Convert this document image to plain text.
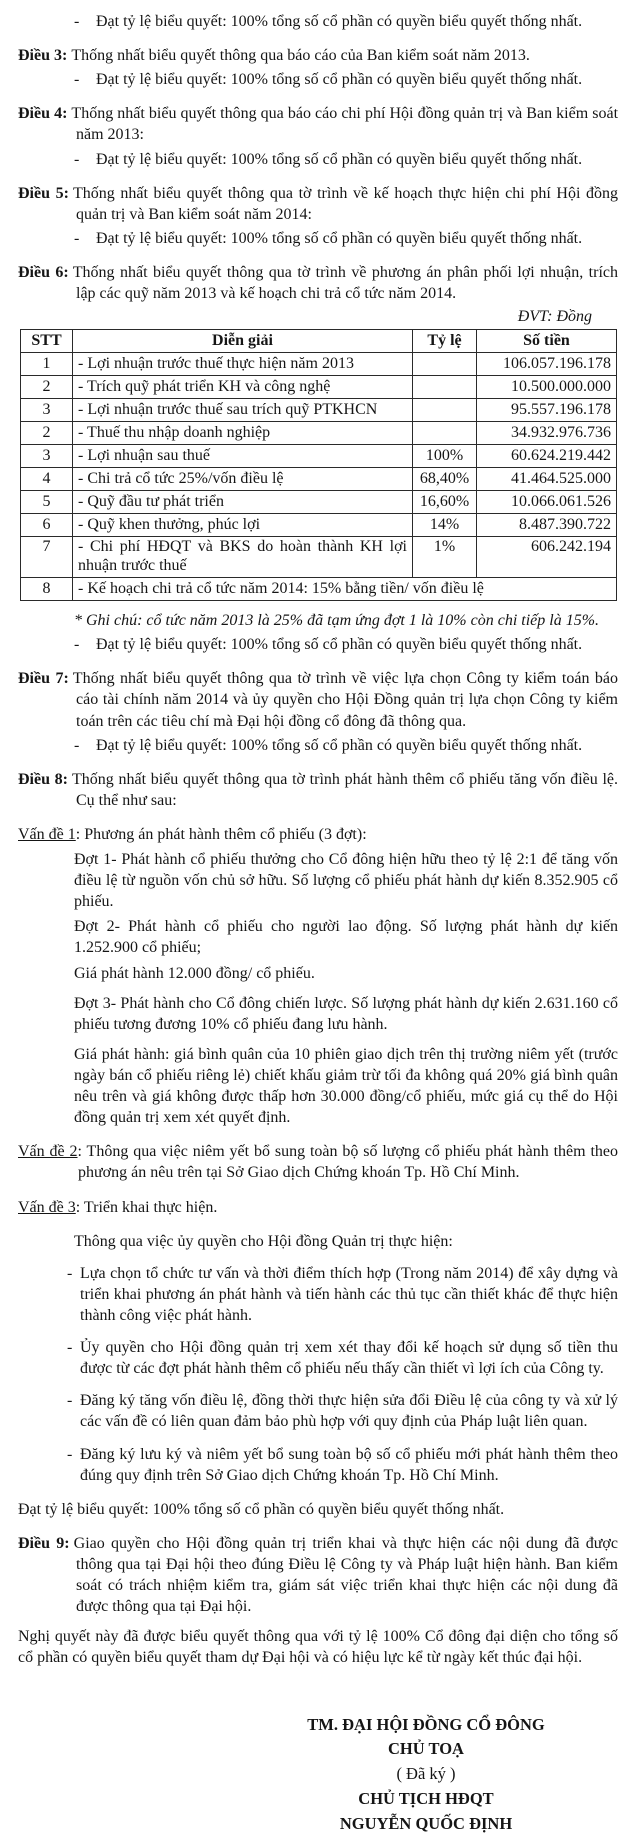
- Đạt tỷ lệ biểu quyết: 100% tổng số cổ phần có quyền biểu quyết thống nhất.

Điều 3: Thống nhất biểu quyết thông qua báo cáo của Ban kiểm soát năm 2013.

- Đạt tỷ lệ biểu quyết: 100% tổng số cổ phần có quyền biểu quyết thống nhất.

Điều 4: Thống nhất biểu quyết thông qua báo cáo chi phí Hội đồng quản trị và Ban kiểm soát năm 2013:

- Đạt tỷ lệ biểu quyết: 100% tổng số cổ phần có quyền biểu quyết thống nhất.

Điều 5: Thống nhất biểu quyết thông qua tờ trình về kế hoạch thực hiện chi phí Hội đồng quản trị và Ban kiểm soát năm 2014:

- Đạt tỷ lệ biểu quyết: 100% tổng số cổ phần có quyền biểu quyết thống nhất.

Điều 6: Thống nhất biểu quyết thông qua tờ trình về phương án phân phối lợi nhuận, trích lập các quỹ năm 2013 và kế hoạch chi trả cổ tức năm 2014.

ĐVT: Đồng

STT	Diễn giải	Tỷ lệ	Số tiền
1	- Lợi nhuận trước thuế thực hiện năm 2013		106.057.196.178
2	- Trích quỹ phát triển KH và công nghệ		10.500.000.000
3	- Lợi nhuận trước thuế sau trích quỹ PTKHCN		95.557.196.178
2	- Thuế thu nhập doanh nghiệp		34.932.976.736
3	- Lợi nhuận sau thuế	100%	60.624.219.442
4	- Chi trả cổ tức 25%/vốn điều lệ	68,40%	41.464.525.000
5	- Quỹ đầu tư phát triển	16,60%	10.066.061.526
6	- Quỹ khen thưởng, phúc lợi	14%	8.487.390.722
7	- Chi phí HĐQT và BKS do hoàn thành KH lợi nhuận trước thuế	1%	606.242.194
8	- Kế hoạch chi trả cổ tức năm 2014: 15% bằng tiền/ vốn điều lệ		

* Ghi chú: cổ tức năm 2013 là 25% đã tạm ứng đợt 1 là 10% còn chi tiếp là 15%.

- Đạt tỷ lệ biểu quyết: 100% tổng số cổ phần có quyền biểu quyết thống nhất.

Điều 7: Thống nhất biểu quyết thông qua tờ trình về việc lựa chọn Công ty kiểm toán báo cáo tài chính năm 2014 và ủy quyền cho Hội Đồng quản trị lựa chọn Công ty kiểm toán trên các tiêu chí mà Đại hội đồng cổ đông đã thông qua.

- Đạt tỷ lệ biểu quyết: 100% tổng số cổ phần có quyền biểu quyết thống nhất.

Điều 8: Thống nhất biểu quyết thông qua tờ trình phát hành thêm cổ phiếu tăng vốn điều lệ. Cụ thể như sau:

Vấn đề 1: Phương án phát hành thêm cổ phiếu (3 đợt):

Đợt 1- Phát hành cổ phiếu thưởng cho Cổ đông hiện hữu theo tỷ lệ 2:1 để tăng vốn điều lệ từ nguồn vốn chủ sở hữu. Số lượng cổ phiếu phát hành dự kiến 8.352.905 cổ phiếu.

Đợt 2- Phát hành cổ phiếu cho người lao động. Số lượng phát hành dự kiến 1.252.900 cổ phiếu;

Giá phát hành 12.000 đồng/ cổ phiếu.

Đợt 3- Phát hành cho Cổ đông chiến lược. Số lượng phát hành dự kiến 2.631.160 cổ phiếu tương đương 10% cổ phiếu đang lưu hành.

Giá phát hành: giá bình quân của 10 phiên giao dịch trên thị trường niêm yết (trước ngày bán cổ phiếu riêng lẻ) chiết khấu giảm trừ tối đa không quá 20% giá bình quân nêu trên và giá không được thấp hơn 30.000 đồng/cổ phiếu, mức giá cụ thể do Hội đồng quản trị xem xét quyết định.

Vấn đề 2: Thông qua việc niêm yết bổ sung toàn bộ số lượng cổ phiếu phát hành thêm theo phương án nêu trên tại Sở Giao dịch Chứng khoán Tp. Hồ Chí Minh.

Vấn đề 3: Triển khai thực hiện.

Thông qua việc ủy quyền cho Hội đồng Quản trị thực hiện:

- Lựa chọn tổ chức tư vấn và thời điểm thích hợp (Trong năm 2014) để xây dựng và triển khai phương án phát hành và tiến hành các thủ tục cần thiết khác để thực hiện thành công việc phát hành.

- Ủy quyền cho Hội đồng quản trị xem xét thay đổi kế hoạch sử dụng số tiền thu được từ các đợt phát hành thêm cổ phiếu nếu thấy cần thiết vì lợi ích của Công ty.

- Đăng ký tăng vốn điều lệ, đồng thời thực hiện sửa đổi Điều lệ của công ty và xử lý các vấn đề có liên quan đảm bảo phù hợp với quy định của Pháp luật liên quan.

- Đăng ký lưu ký và niêm yết bổ sung toàn bộ số cổ phiếu mới phát hành thêm theo đúng quy định trên Sở Giao dịch Chứng khoán Tp. Hồ Chí Minh.

Đạt tỷ lệ biểu quyết: 100% tổng số cổ phần có quyền biểu quyết thống nhất.

Điều 9: Giao quyền cho Hội đồng quản trị triển khai và thực hiện các nội dung đã được thông qua tại Đại hội theo đúng Điều lệ Công ty và Pháp luật hiện hành. Ban kiểm soát có trách nhiệm kiểm tra, giám sát việc triển khai thực hiện các nội dung đã được thông qua tại Đại hội.

Nghị quyết này đã được biểu quyết thông qua với tỷ lệ 100% Cổ đông đại diện cho tổng số cổ phần có quyền biểu quyết tham dự Đại hội và có hiệu lực kể từ ngày kết thúc đại hội.

TM. ĐẠI HỘI ĐỒNG CỔ ĐÔNG

CHỦ TOẠ

( Đã ký )

CHỦ TỊCH HĐQT

NGUYỄN QUỐC ĐỊNH
